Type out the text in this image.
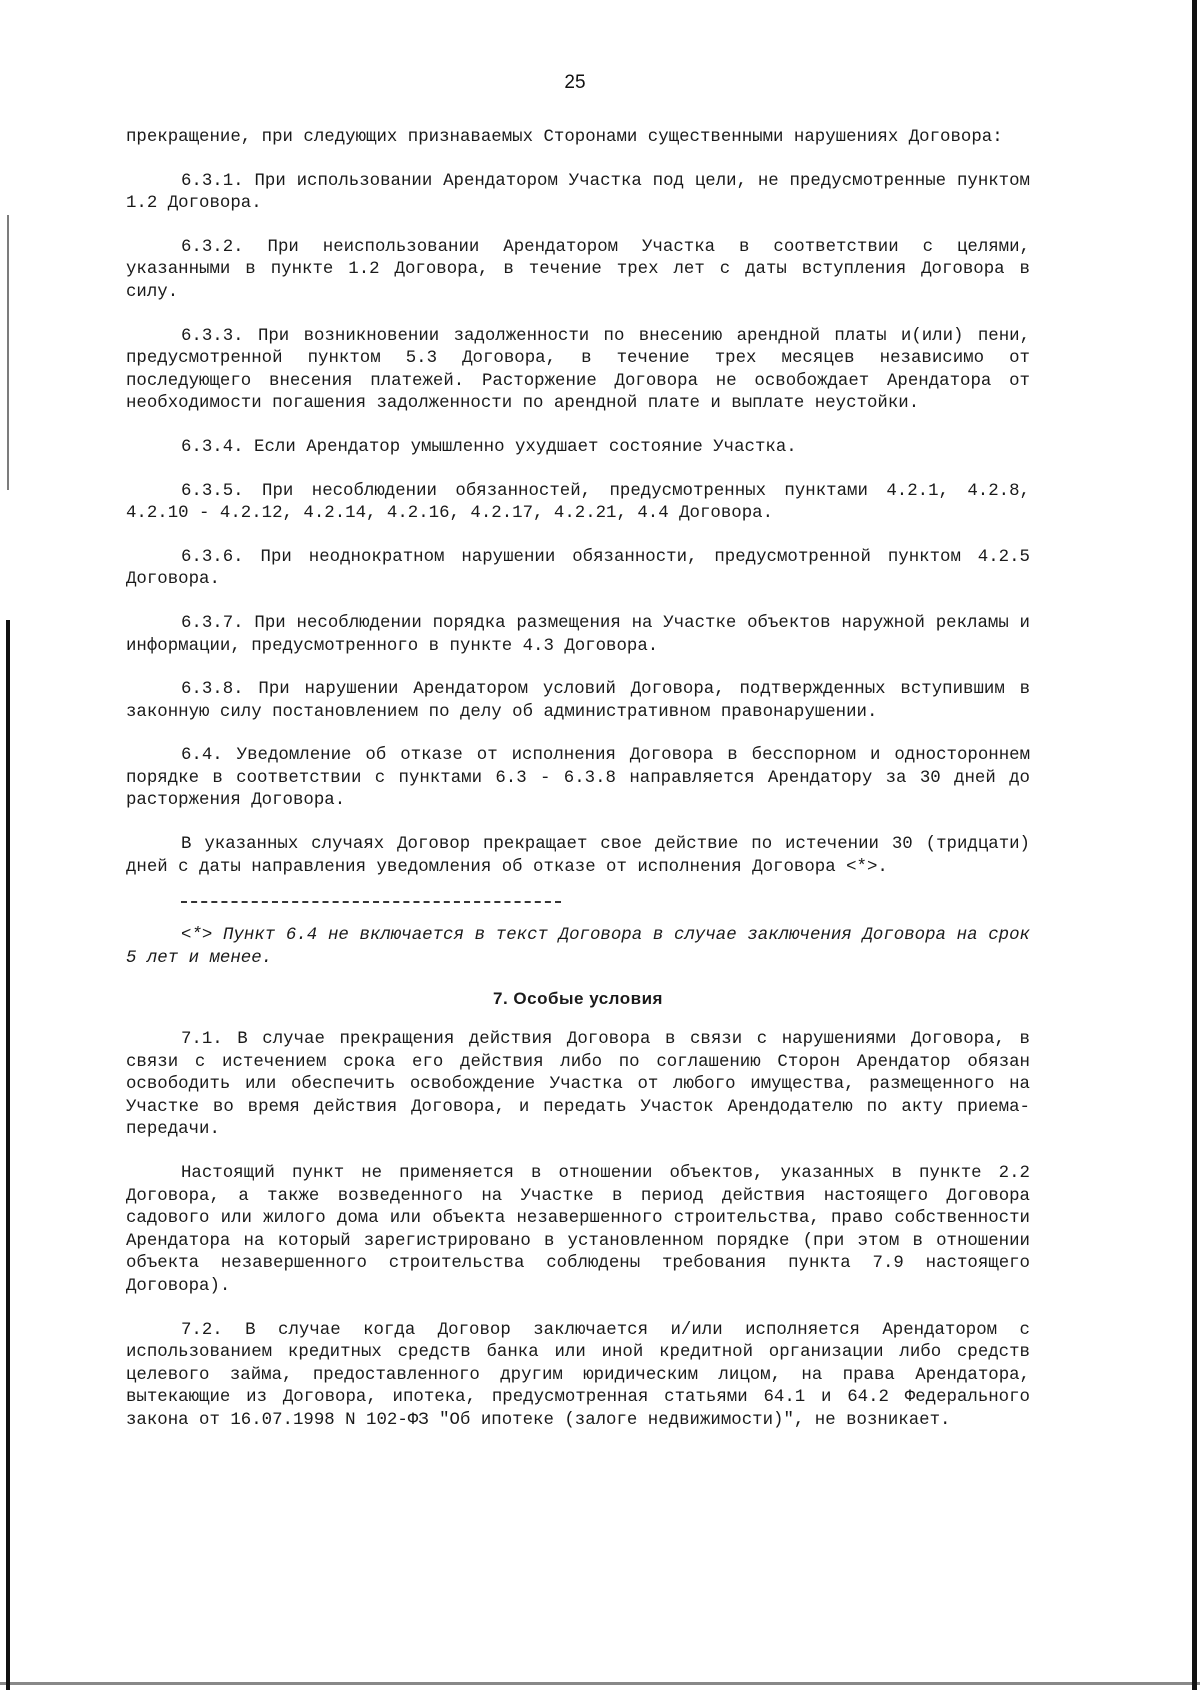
25

прекращение, при следующих признаваемых Сторонами существенными нарушениях Договора:

6.3.1. При использовании Арендатором Участка под цели, не предусмотренные пунктом 1.2 Договора.

6.3.2. При неиспользовании Арендатором Участка в соответствии с целями, указанными в пункте 1.2 Договора, в течение трех лет с даты вступления Договора в силу.

6.3.3. При возникновении задолженности по внесению арендной платы и(или) пени, предусмотренной пунктом 5.3 Договора, в течение трех месяцев независимо от последующего внесения платежей. Расторжение Договора не освобождает Арендатора от необходимости погашения задолженности по арендной плате и выплате неустойки.

6.3.4. Если Арендатор умышленно ухудшает состояние Участка.

6.3.5. При несоблюдении обязанностей, предусмотренных пунктами 4.2.1, 4.2.8, 4.2.10 - 4.2.12, 4.2.14, 4.2.16, 4.2.17, 4.2.21, 4.4 Договора.

6.3.6. При неоднократном нарушении обязанности, предусмотренной пунктом 4.2.5 Договора.

6.3.7. При несоблюдении порядка размещения на Участке объектов наружной рекламы и информации, предусмотренного в пункте 4.3 Договора.

6.3.8. При нарушении Арендатором условий Договора, подтвержденных вступившим в законную силу постановлением по делу об административном правонарушении.

6.4. Уведомление об отказе от исполнения Договора в бесспорном и одностороннем порядке в соответствии с пунктами 6.3 - 6.3.8 направляется Арендатору за 30 дней до расторжения Договора.

В указанных случаях Договор прекращает свое действие по истечении 30 (тридцати) дней с даты направления уведомления об отказе от исполнения Договора <*>.

<*> Пункт 6.4 не включается в текст Договора в случае заключения Договора на срок 5 лет и менее.

7. Особые условия

7.1. В случае прекращения действия Договора в связи с нарушениями Договора, в связи с истечением срока его действия либо по соглашению Сторон Арендатор обязан освободить или обеспечить освобождение Участка от любого имущества, размещенного на Участке во время действия Договора, и передать Участок Арендодателю по акту приема-передачи.

Настоящий пункт не применяется в отношении объектов, указанных в пункте 2.2 Договора, а также возведенного на Участке в период действия настоящего Договора садового или жилого дома или объекта незавершенного строительства, право собственности Арендатора на который зарегистрировано в установленном порядке (при этом в отношении объекта незавершенного строительства соблюдены требования пункта 7.9 настоящего Договора).

7.2. В случае когда Договор заключается и/или исполняется Арендатором с использованием кредитных средств банка или иной кредитной организации либо средств целевого займа, предоставленного другим юридическим лицом, на права Арендатора, вытекающие из Договора, ипотека, предусмотренная статьями 64.1 и 64.2 Федерального закона от 16.07.1998 N 102-ФЗ "Об ипотеке (залоге недвижимости)", не возникает.
